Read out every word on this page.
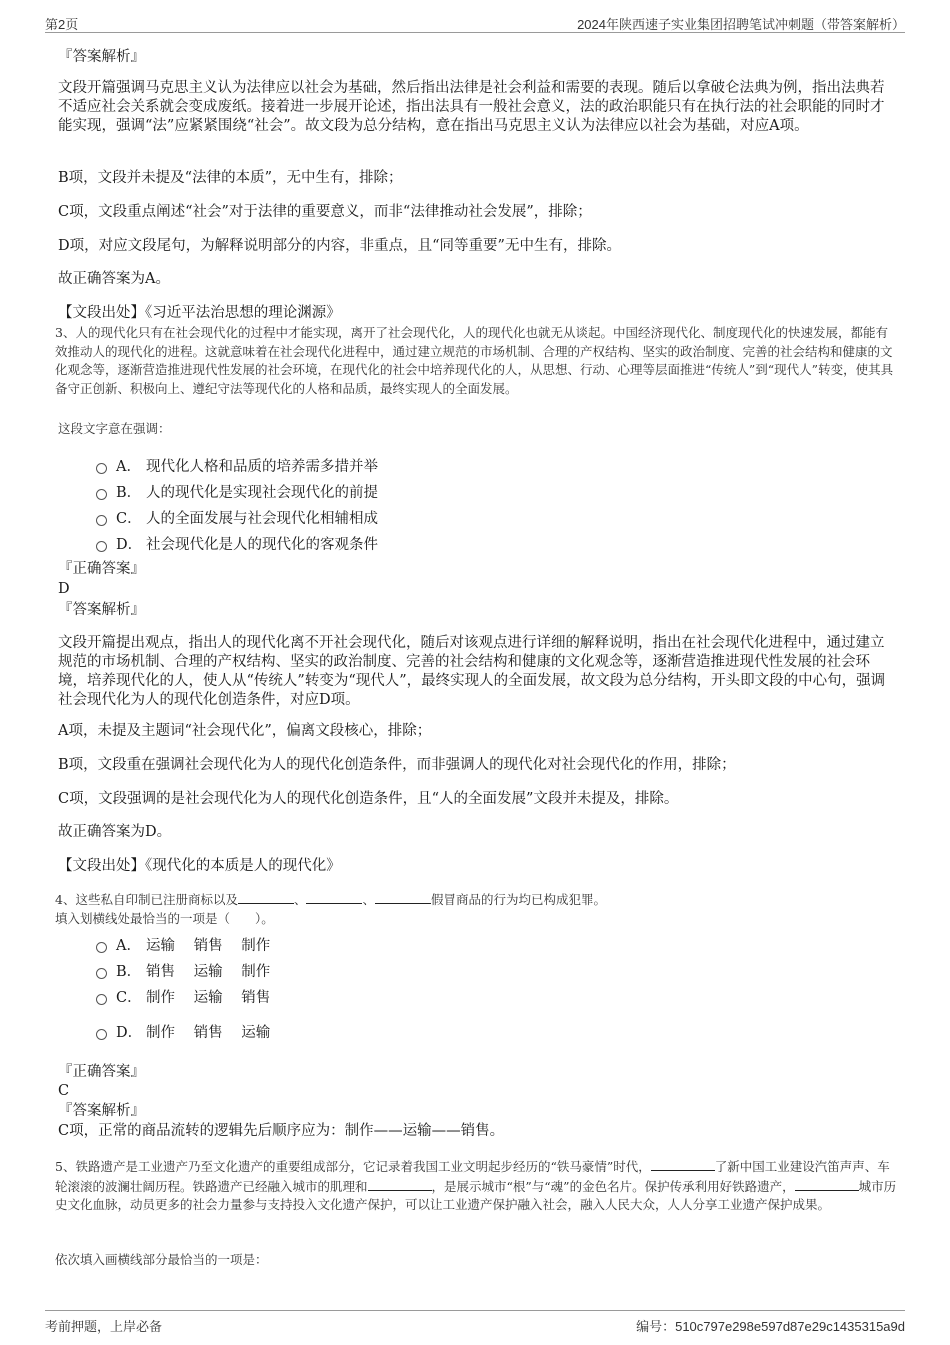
第2页	2024年陕西速子实业集团招聘笔试冲刺题（带答案解析）
『答案解析』
文段开篇强调马克思主义认为法律应以社会为基础，然后指出法律是社会利益和需要的表现。随后以拿破仑法典为例，指出法典若不适应社会关系就会变成废纸。接着进一步展开论述，指出法具有一般社会意义，法的政治职能只有在执行法的社会职能的同时才能实现，强调“法”应紧紧围绕“社会”。故文段为总分结构，意在指出马克思主义认为法律应以社会为基础，对应A项。
B项，文段并未提及“法律的本质”，无中生有，排除；
C项，文段重点阐述“社会”对于法律的重要意义，而非“法律推动社会发展”，排除；
D项，对应文段尾句，为解释说明部分的内容，非重点，且“同等重要”无中生有，排除。
故正确答案为A。
【文段出处】《习近平法治思想的理论渊源》
3、人的现代化只有在社会现代化的过程中才能实现，离开了社会现代化，人的现代化也就无从谈起。中国经济现代化、制度现代化的快速发展，都能有效推动人的现代化的进程。这就意味着在社会现代化进程中，通过建立规范的市场机制、合理的产权结构、坚实的政治制度、完善的社会结构和健康的文化观念等，逐渐营造推进现代性发展的社会环境，在现代化的社会中培养现代化的人，从思想、行动、心理等层面推进“传统人”到“现代人”转变，使其具备守正创新、积极向上、遵纪守法等现代化的人格和品质，最终实现人的全面发展。
这段文字意在强调：
A． 现代化人格和品质的培养需多措并举
B． 人的现代化是实现社会现代化的前提
C． 人的全面发展与社会现代化相辅相成
D． 社会现代化是人的现代化的客观条件
『正确答案』
D
『答案解析』
文段开篇提出观点，指出人的现代化离不开社会现代化，随后对该观点进行详细的解释说明，指出在社会现代化进程中，通过建立规范的市场机制、合理的产权结构、坚实的政治制度、完善的社会结构和健康的文化观念等，逐渐营造推进现代性发展的社会环境，培养现代化的人，使人从“传统人”转变为“现代人”，最终实现人的全面发展，故文段为总分结构，开头即文段的中心句，强调社会现代化为人的现代化创造条件，对应D项。
A项，未提及主题词“社会现代化”，偏离文段核心，排除；
B项，文段重在强调社会现代化为人的现代化创造条件，而非强调人的现代化对社会现代化的作用，排除；
C项，文段强调的是社会现代化为人的现代化创造条件，且“人的全面发展”文段并未提及，排除。
故正确答案为D。
【文段出处】《现代化的本质是人的现代化》
4、这些私自印制已注册商标以及	、	、	假冒商品的行为均已构成犯罪。
填入划横线处最恰当的一项是（　　）。
A． 运输 销售 制作
B． 销售 运输 制作
C． 制作 运输 销售
D． 制作 销售 运输
『正确答案』
C
『答案解析』
C项，正常的商品流转的逻辑先后顺序应为：制作——运输——销售。
5、铁路遗产是工业遗产乃至文化遗产的重要组成部分，它记录着我国工业文明起步经历的“铁马豪情”时代，	了新中国工业建设汽笛声声、车轮滚滚的波澜壮阔历程。铁路遗产已经融入城市的肌理和	，是展示城市“根”与“魂”的金色名片。保护传承利用好铁路遗产，	城市历史文化血脉，动员更多的社会力量参与支持投入文化遗产保护，可以让工业遗产保护融入社会，融入人民大众，人人分享工业遗产保护成果。
依次填入画横线部分最恰当的一项是：
考前押题，上岸必备	编号：510c797e298e597d87e29c1435315a9d
